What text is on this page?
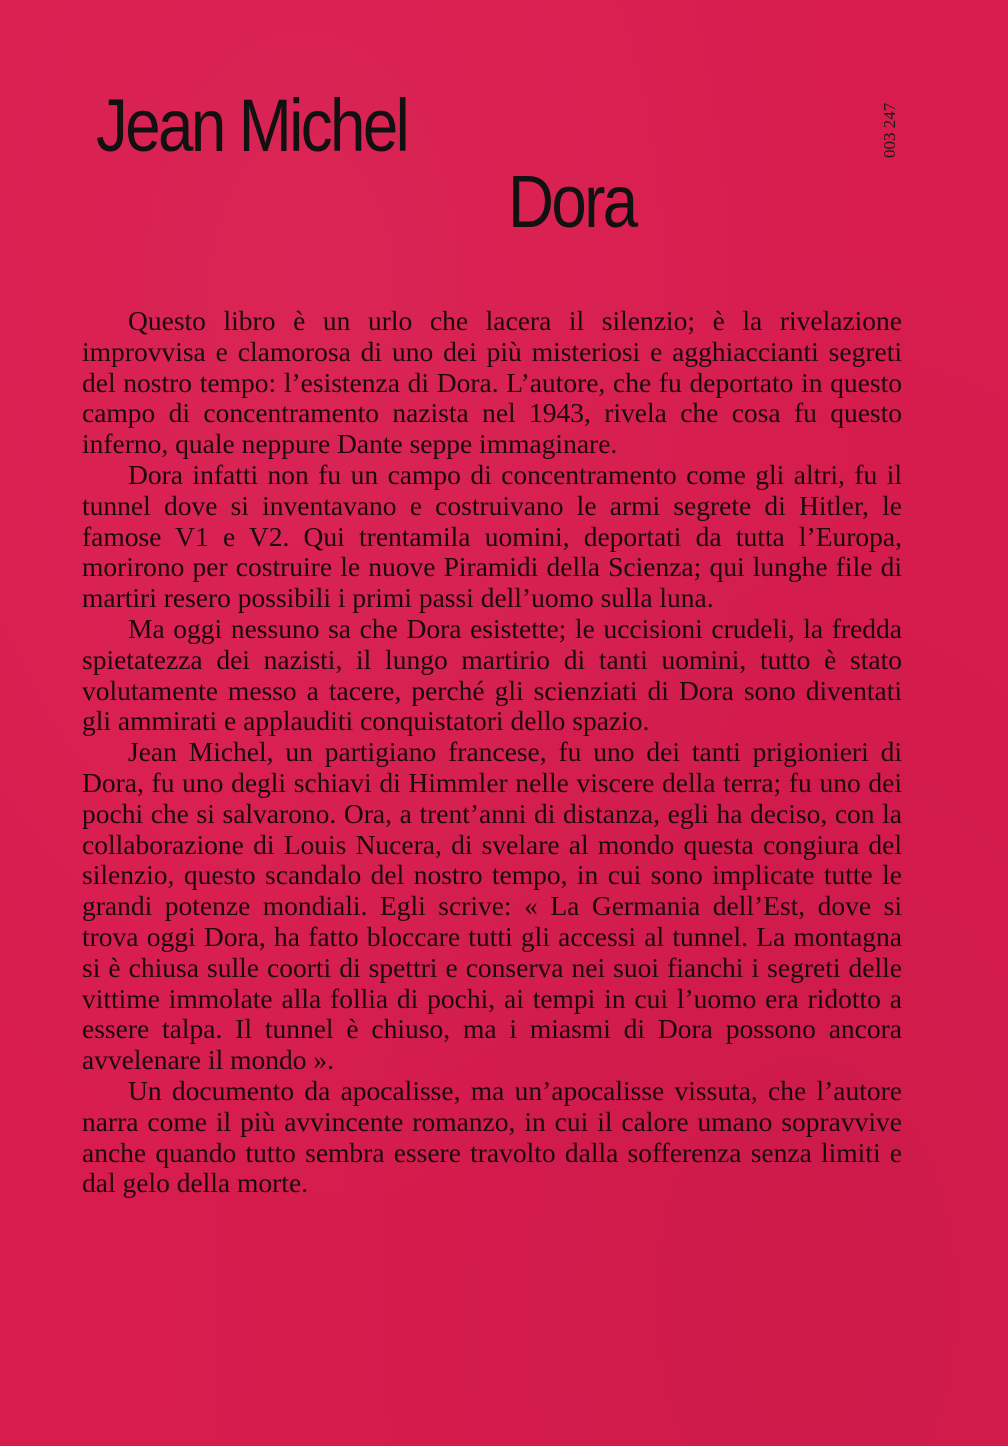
Jean Michel
Dora
003 247

Questo libro è un urlo che lacera il silenzio; è la rivelazione improvvisa e clamorosa di uno dei più misteriosi e agghiaccianti segreti del nostro tempo: l’esistenza di Dora. L’autore, che fu deportato in questo campo di concentramento nazista nel 1943, rivela che cosa fu questo inferno, quale neppure Dante seppe immaginare.

Dora infatti non fu un campo di concentramento come gli altri, fu il tunnel dove si inventavano e costruivano le armi segrete di Hitler, le famose V1 e V2. Qui trentamila uomini, deportati da tutta l’Europa, morirono per costruire le nuove Piramidi della Scienza; qui lunghe file di martiri resero possibili i primi passi dell’uomo sulla luna.

Ma oggi nessuno sa che Dora esistette; le uccisioni crudeli, la fredda spietatezza dei nazisti, il lungo martirio di tanti uomini, tutto è stato volutamente messo a tacere, perché gli scienziati di Dora sono diventati gli ammirati e applauditi conquistatori dello spazio.

Jean Michel, un partigiano francese, fu uno dei tanti prigionieri di Dora, fu uno degli schiavi di Himmler nelle viscere della terra; fu uno dei pochi che si salvarono. Ora, a trent’anni di distanza, egli ha deciso, con la collaborazione di Louis Nucera, di svelare al mondo questa congiura del silenzio, questo scandalo del nostro tempo, in cui sono implicate tutte le grandi potenze mondiali. Egli scrive: « La Germania dell’Est, dove si trova oggi Dora, ha fatto bloccare tutti gli accessi al tunnel. La montagna si è chiusa sulle coorti di spettri e conserva nei suoi fianchi i segreti delle vittime immolate alla follia di pochi, ai tempi in cui l’uomo era ridotto a essere talpa. Il tunnel è chiuso, ma i miasmi di Dora possono ancora avvelenare il mondo ».

Un documento da apocalisse, ma un’apocalisse vissuta, che l’autore narra come il più avvincente romanzo, in cui il calore umano sopravvive anche quando tutto sembra essere travolto dalla sofferenza senza limiti e dal gelo della morte.
